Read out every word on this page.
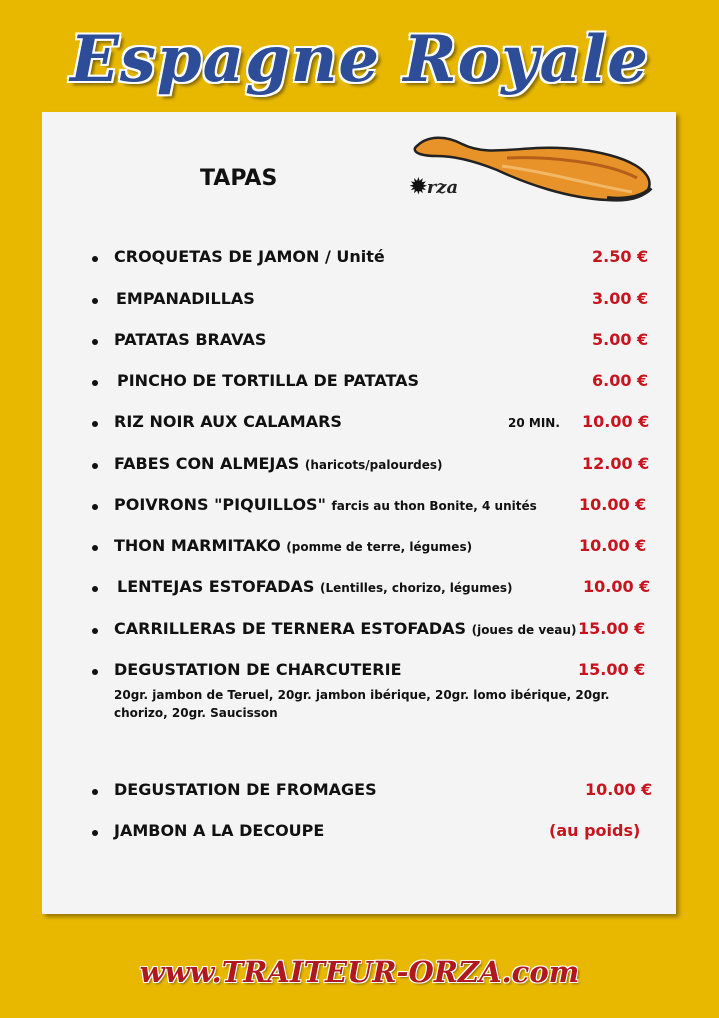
Espagne Royale
TAPAS	✹rza
CROQUETAS DE JAMON / Unité	2.50 €
EMPANADILLAS	3.00 €
PATATAS BRAVAS	5.00 €
PINCHO DE TORTILLA DE PATATAS	6.00 €
RIZ NOIR AUX CALAMARS	20 MIN. 10.00 €
FABES CON ALMEJAS (haricots/palourdes)	12.00 €
POIVRONS "PIQUILLOS" farcis au thon Bonite, 4 unités	10.00 €
THON MARMITAKO (pomme de terre, légumes)	10.00 €
LENTEJAS ESTOFADAS (Lentilles, chorizo, légumes)	10.00 €
CARRILLERAS DE TERNERA ESTOFADAS (joues de veau) 15.00 €
DEGUSTATION DE CHARCUTERIE	15.00 €
20gr. jambon de Teruel, 20gr. jambon ibérique, 20gr. lomo ibérique, 20gr. chorizo, 20gr. Saucisson
DEGUSTATION DE FROMAGES	10.00 €
JAMBON A LA DECOUPE	(au poids)
www.TRAITEUR-ORZA.com
